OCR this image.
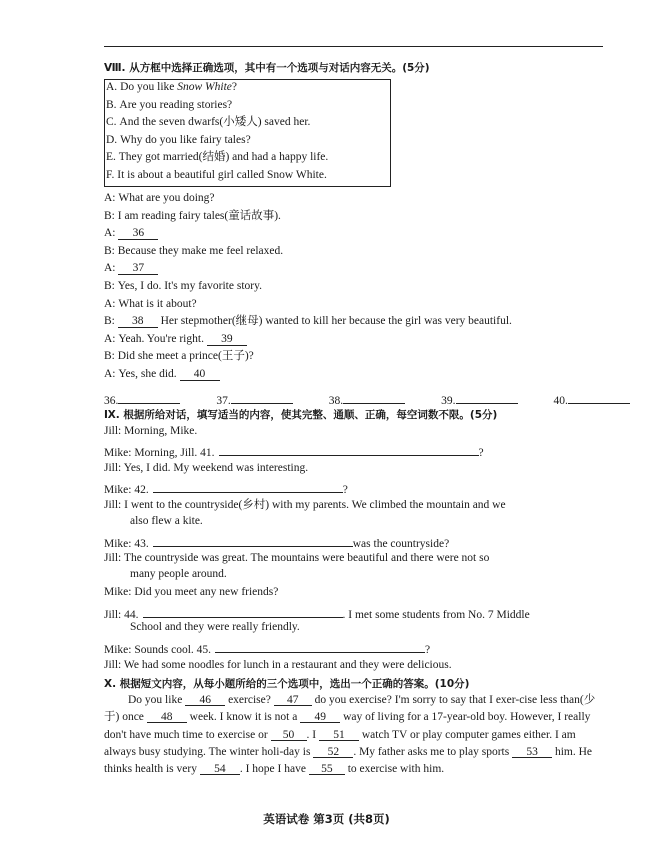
Ⅷ. 从方框中选择正确选项，其中有一个选项与对话内容无关。(5分)
A. Do you like Snow White?
B. Are you reading stories?
C. And the seven dwarfs(小矮人) saved her.
D. Why do you like fairy tales?
E. They got married(结婚) and had a happy life.
F. It is about a beautiful girl called Snow White.
A: What are you doing?
B: I am reading fairy tales(童话故事).
A: 36
B: Because they make me feel relaxed.
A: 37
B: Yes, I do. It's my favorite story.
A: What is it about?
B: 38 Her stepmother(继母) wanted to kill her because the girl was very beautiful.
A: Yeah. You're right. 39
B: Did she meet a prince(王子)?
A: Yes, she did. 40
36.	37.	38.	39.	40.
Ⅸ. 根据所给对话，填写适当的内容，使其完整、通顺、正确，每空词数不限。(5分)
Jill: Morning, Mike.
Mike: Morning, Jill. 41.	?
Jill: Yes, I did. My weekend was interesting.
Mike: 42.	?
Jill: I went to the countryside(乡村) with my parents. We climbed the mountain and we
also flew a kite.
Mike: 43.	was the countryside?
Jill: The countryside was great. The mountains were beautiful and there were not so
many people around.
Mike: Did you meet any new friends?
Jill: 44.	. I met some students from No. 7 Middle
School and they were really friendly.
Mike: Sounds cool. 45.	?
Jill: We had some noodles for lunch in a restaurant and they were delicious.
Ⅹ. 根据短文内容，从每小题所给的三个选项中，选出一个正确的答案。(10分)
Do you like 46 exercise? 47 do you exercise? I'm sorry to say that I exer-cise less than(少于) once 48 week. I know it is not a 49 way of living for a 17-year-old boy. However, I really don't have much time to exercise or 50 . I 51 watch TV or play computer games either. I am always busy studying. The winter holi-day is 52 . My father asks me to play sports 53 him. He thinks health is very 54 . I hope I have 55 to exercise with him.
英语试卷 第3页 (共8页)
